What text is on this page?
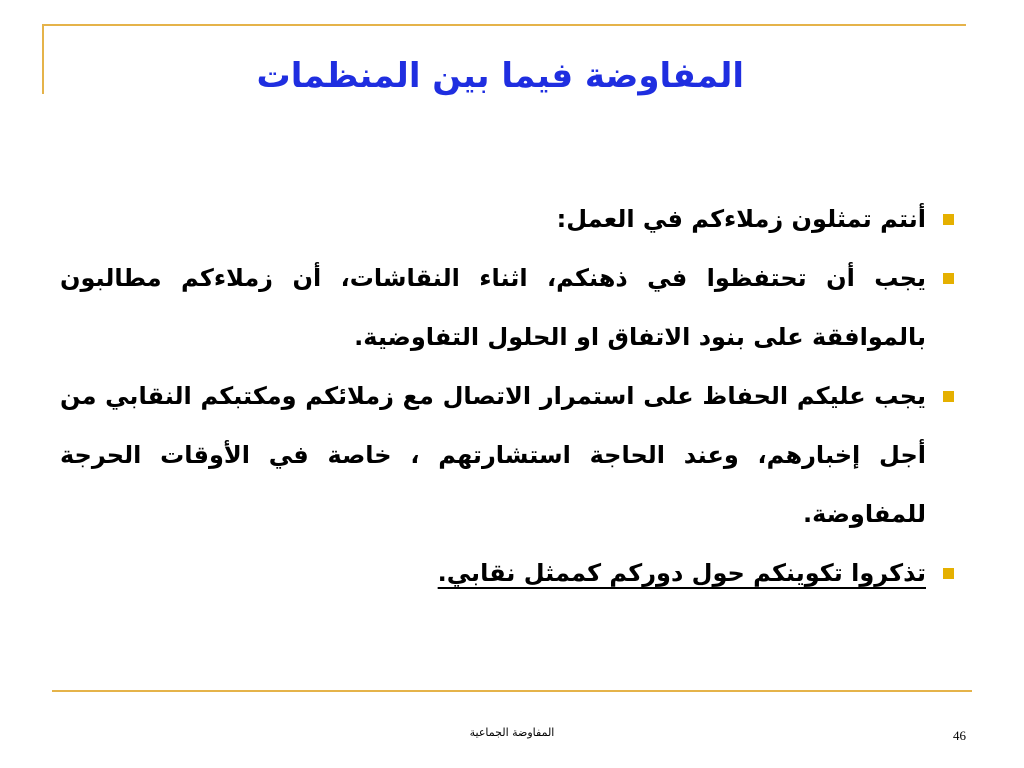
المفاوضة فيما بين المنظمات
أنتم تمثلون زملاءكم في العمل:
يجب أن تحتفظوا في ذهنكم، اثناء النقاشات، أن زملاءكم مطالبون بالموافقة على بنود الاتفاق او الحلول التفاوضية.
يجب عليكم الحفاظ على استمرار الاتصال مع زملائكم ومكتبكم النقابي من أجل إخبارهم، وعند الحاجة استشارتهم ، خاصة في الأوقات الحرجة للمفاوضة.
تذكروا تكوينكم حول دوركم كممثل نقابي.
المفاوضة الجماعية	46
